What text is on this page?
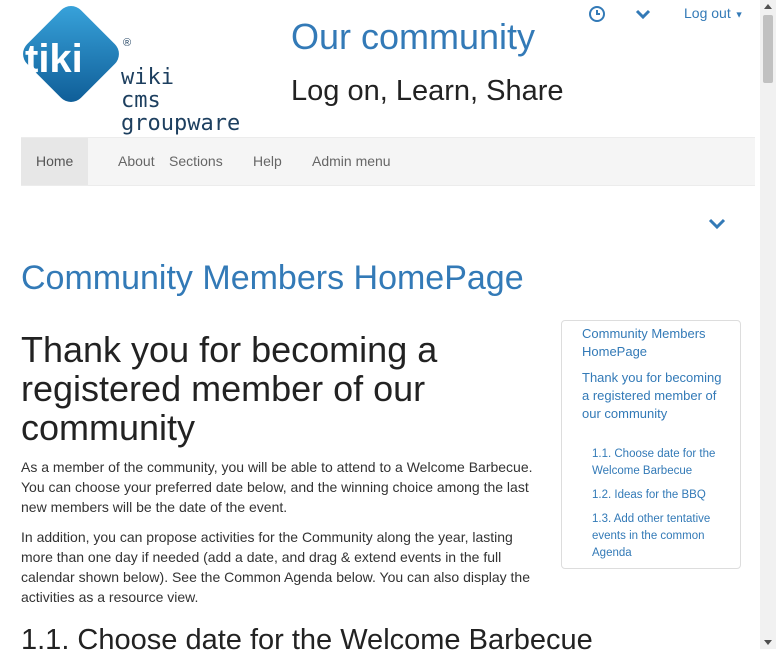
tiki	®
wiki
cms
groupware
Our community
Log on, Learn, Share
Log out ▼
Home	About	Sections	Help	Admin menu
Community Members HomePage
Thank you for becoming a registered member of our community

As a member of the community, you will be able to attend to a Welcome Barbecue. You can choose your preferred date below, and the winning choice among the last new members will be the date of the event.

In addition, you can propose activities for the Community along the year, lasting more than one day if needed (add a date, and drag & extend events in the full calendar shown below). See the Common Agenda below. You can also display the activities as a resource view.

1.1. Choose date for the Welcome Barbecue
Community Members HomePage
Thank you for becoming a registered member of our community
1.1. Choose date for the Welcome Barbecue
1.2. Ideas for the BBQ
1.3. Add other tentative events in the common Agenda
